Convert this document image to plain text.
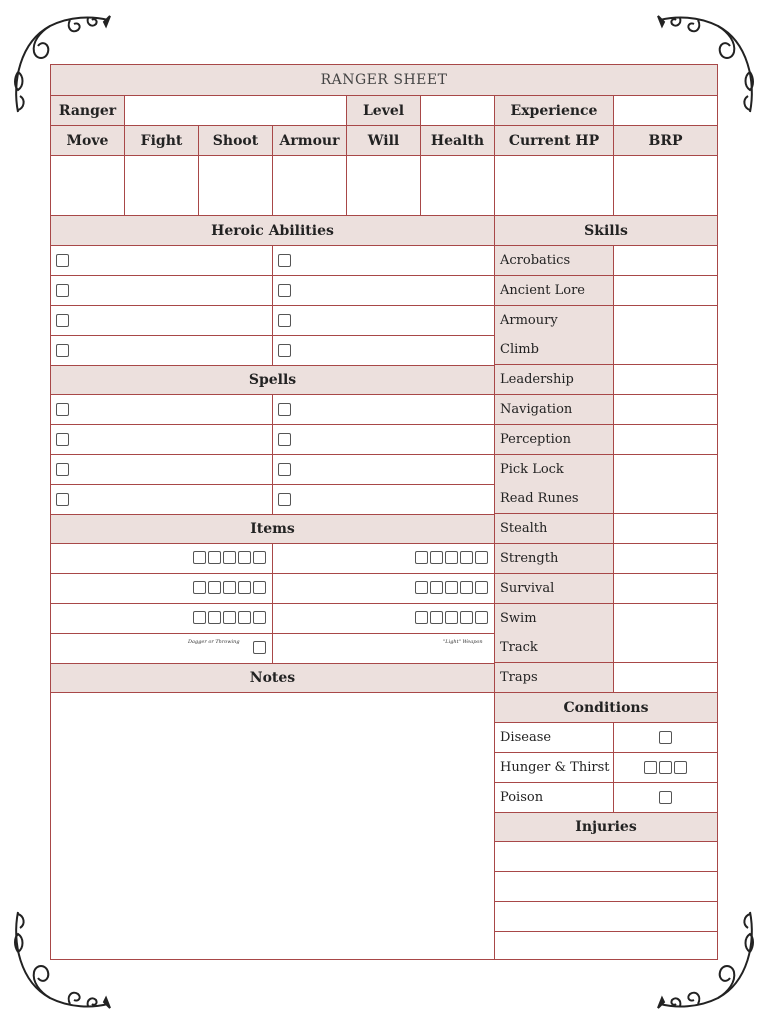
RANGER SHEET
Ranger	Level	Experience
Move	Fight	Shoot	Armour	Will	Health	Current HP	BRP
Heroic Abilities	Skills
Spells
Items
Notes
Conditions
Injuries
Dagger or Throwing	"Light" Weapon
Acrobatics
Ancient Lore
Armoury
Climb
Leadership
Navigation
Perception
Pick Lock
Read Runes
Stealth
Strength
Survival
Swim
Track
Traps
Disease
Hunger & Thirst
Poison
